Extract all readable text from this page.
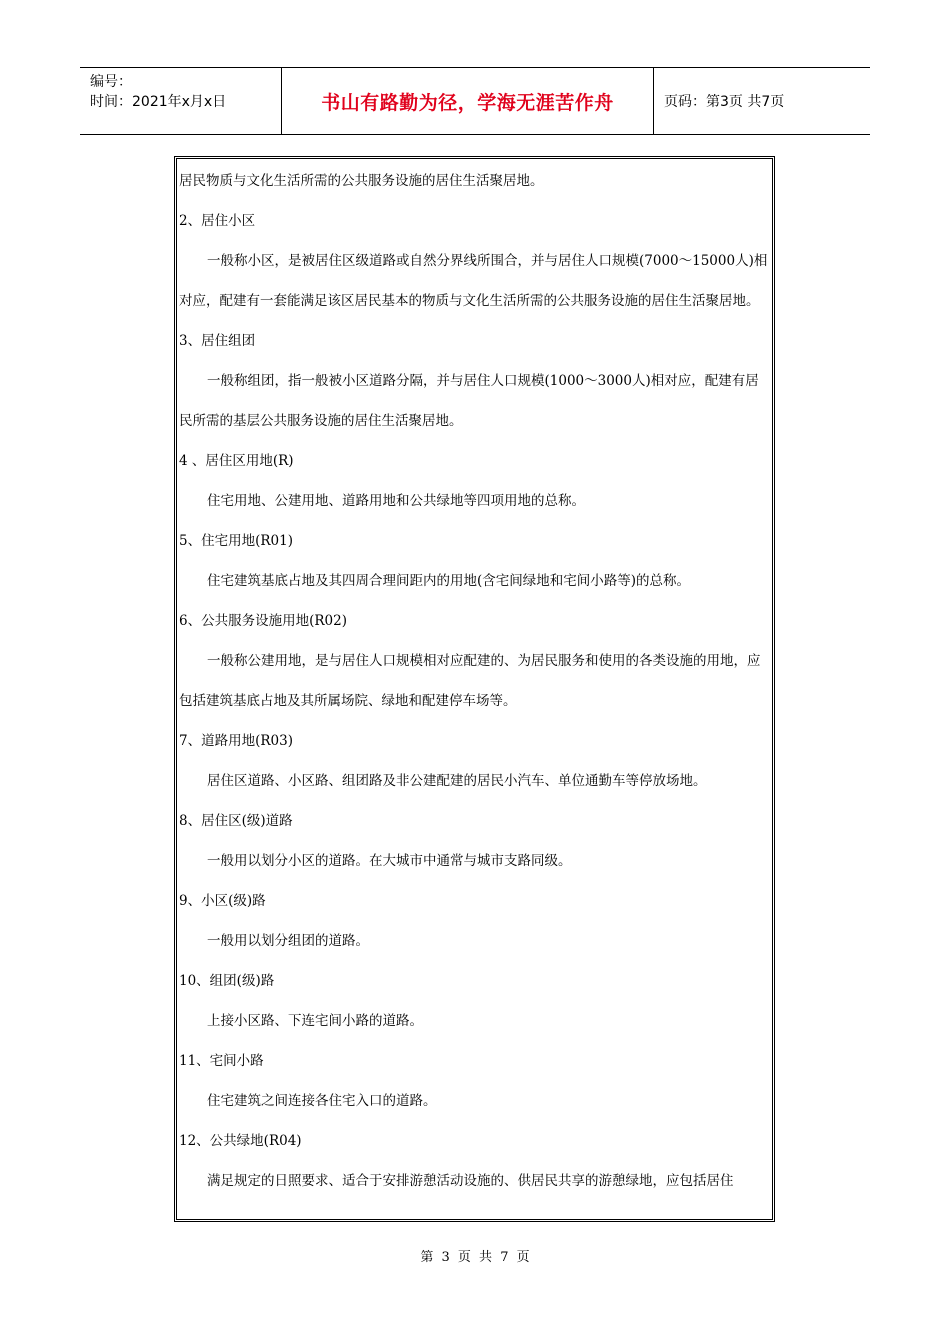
编号：
时间：2021年x月x日	书山有路勤为径，学海无涯苦作舟	页码：第3页 共7页

居民物质与文化生活所需的公共服务设施的居住生活聚居地。

2、居住小区

一般称小区，是被居住区级道路或自然分界线所围合，并与居住人口规模(7000～15000人)相对应，配建有一套能满足该区居民基本的物质与文化生活所需的公共服务设施的居住生活聚居地。

3、居住组团

一般称组团，指一般被小区道路分隔，并与居住人口规模(1000～3000人)相对应，配建有居民所需的基层公共服务设施的居住生活聚居地。

4 、居住区用地(R)

住宅用地、公建用地、道路用地和公共绿地等四项用地的总称。

5、住宅用地(R01)

住宅建筑基底占地及其四周合理间距内的用地(含宅间绿地和宅间小路等)的总称。

6、公共服务设施用地(R02)

一般称公建用地，是与居住人口规模相对应配建的、为居民服务和使用的各类设施的用地，应包括建筑基底占地及其所属场院、绿地和配建停车场等。

7、道路用地(R03)

居住区道路、小区路、组团路及非公建配建的居民小汽车、单位通勤车等停放场地。

8、居住区(级)道路

一般用以划分小区的道路。在大城市中通常与城市支路同级。

9、小区(级)路

一般用以划分组团的道路。

10、组团(级)路

上接小区路、下连宅间小路的道路。

11、宅间小路

住宅建筑之间连接各住宅入口的道路。

12、公共绿地(R04)

满足规定的日照要求、适合于安排游憩活动设施的、供居民共享的游憩绿地，应包括居住

第 3 页 共 7 页
